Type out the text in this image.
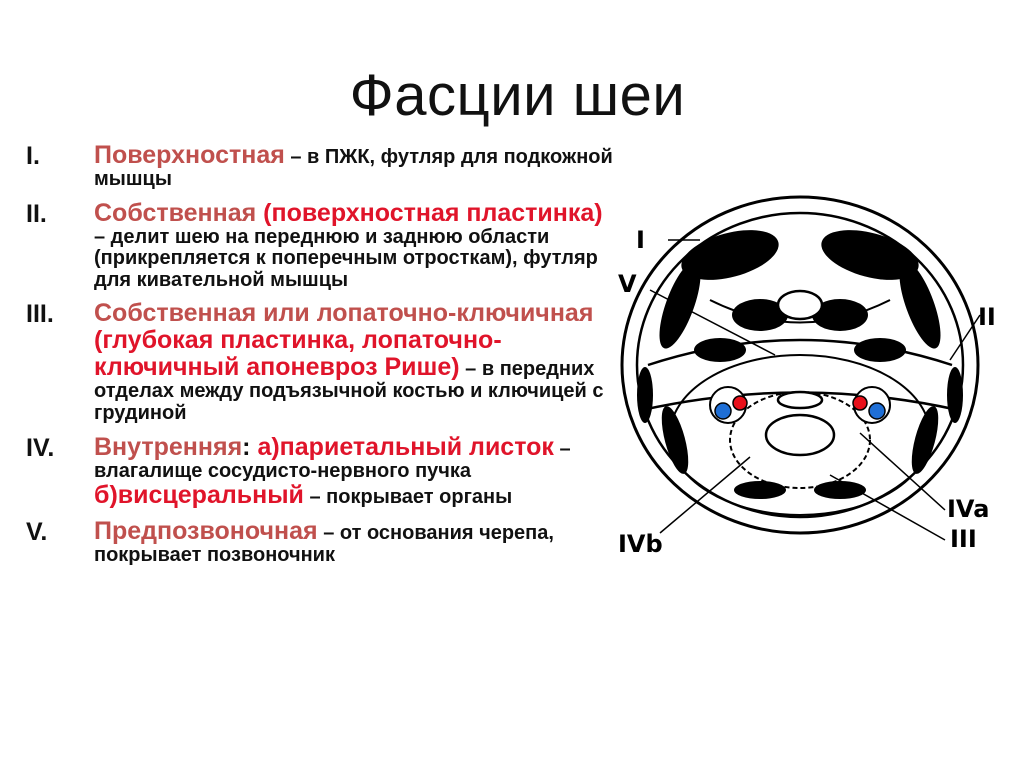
Фасции шеи
I. Поверхностная – в ПЖК, футляр для подкожной мышцы
II. Собственная (поверхностная пластинка) – делит шею на переднюю и заднюю области (прикрепляется к поперечным отросткам), футляр для кивательной мышцы
III. Собственная или лопаточно-ключичная (глубокая пластинка, лопаточно-ключичный апоневроз Рише) – в передних отделах между подъязычной костью и ключицей с грудиной
IV. Внутренняя: а)париетальный листок – влагалище сосудисто-нервного пучка б)висцеральный – покрывает органы
V. Предпозвоночная – от основания черепа, покрывает позвоночник
I
V
II
IVa
III
IVb
